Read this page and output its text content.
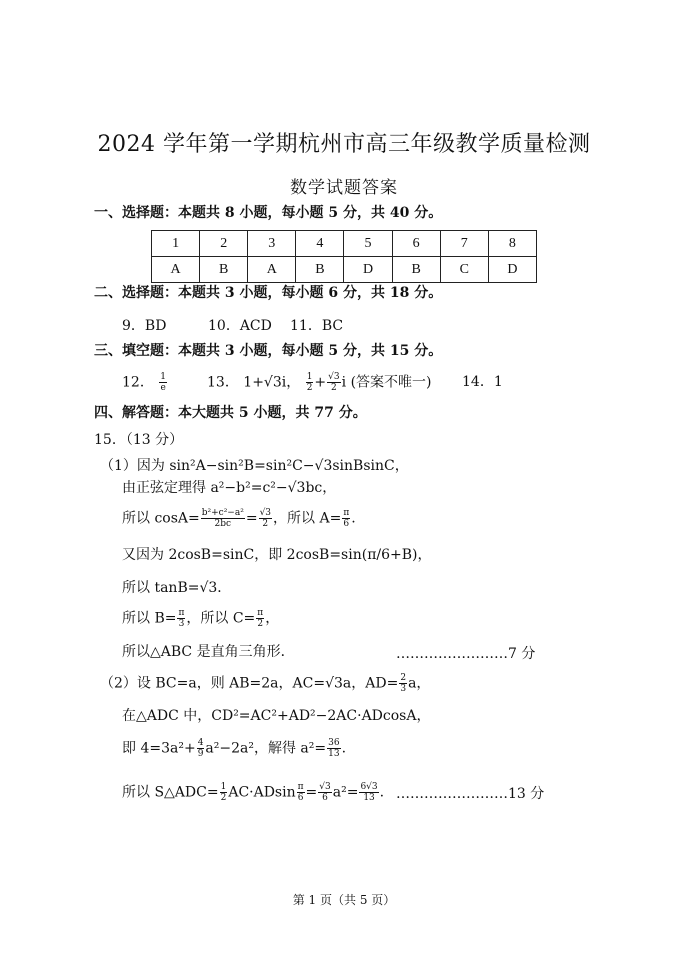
2024 学年第一学期杭州市高三年级教学质量检测
数学试题答案
一、选择题：本题共 8 小题，每小题 5 分，共 40 分。
1	2	3	4	5	6	7	8
A	B	A	B	D	B	C	D
二、选择题：本题共 3 小题，每小题 6 分，共 18 分。
9．BD	10．ACD 11．BC
三、填空题：本题共 3 小题，每小题 5 分，共 15 分。
12． $\frac{1}{e}$	13． 1+√3i， $\frac{1}{2} + \frac{√3}{2}$ i (答案不唯一) 14．1
四、解答题：本大题共 5 小题，共 77 分。
15．（13 分）
（1）因为 sin²A−sin²B=sin²C−√3sinBsinC，
由正弦定理得 a²−b²=c²−√3bc，
所以 $\cos A= \frac{\text{b²+c²−a²}}{2bc} = \frac{√3}{2}$ ，所以 $A= \frac{\pi}{6}$ .
又因为 2cosB=sinC，即 2cosB=sin(π/6+B)，
所以 tanB=√3．
所以 $B= \frac{\pi}{3}$ ，所以 $C= \frac{\pi}{2}$ ，
所以△ABC 是直角三角形．	……………………7 分
（2）设 BC=a，则 AB=2a，AC=√3a，$AD= \frac{2}{3}$ a，
在△ADC 中，CD²=AC²+AD²−2AC·ADcosA，
即 $4=3a^2+ \frac{4}{9} a^2-2a^2$，解得 $a^2= \frac{36}{13}$ .
所以 S△ADC= $\frac{1}{2} AC\cdot ADsin \frac{\pi}{6} = \frac{√3}{6} a^2= \frac{6√3}{13}$ . ……………………13 分
第 1 页（共 5 页）
